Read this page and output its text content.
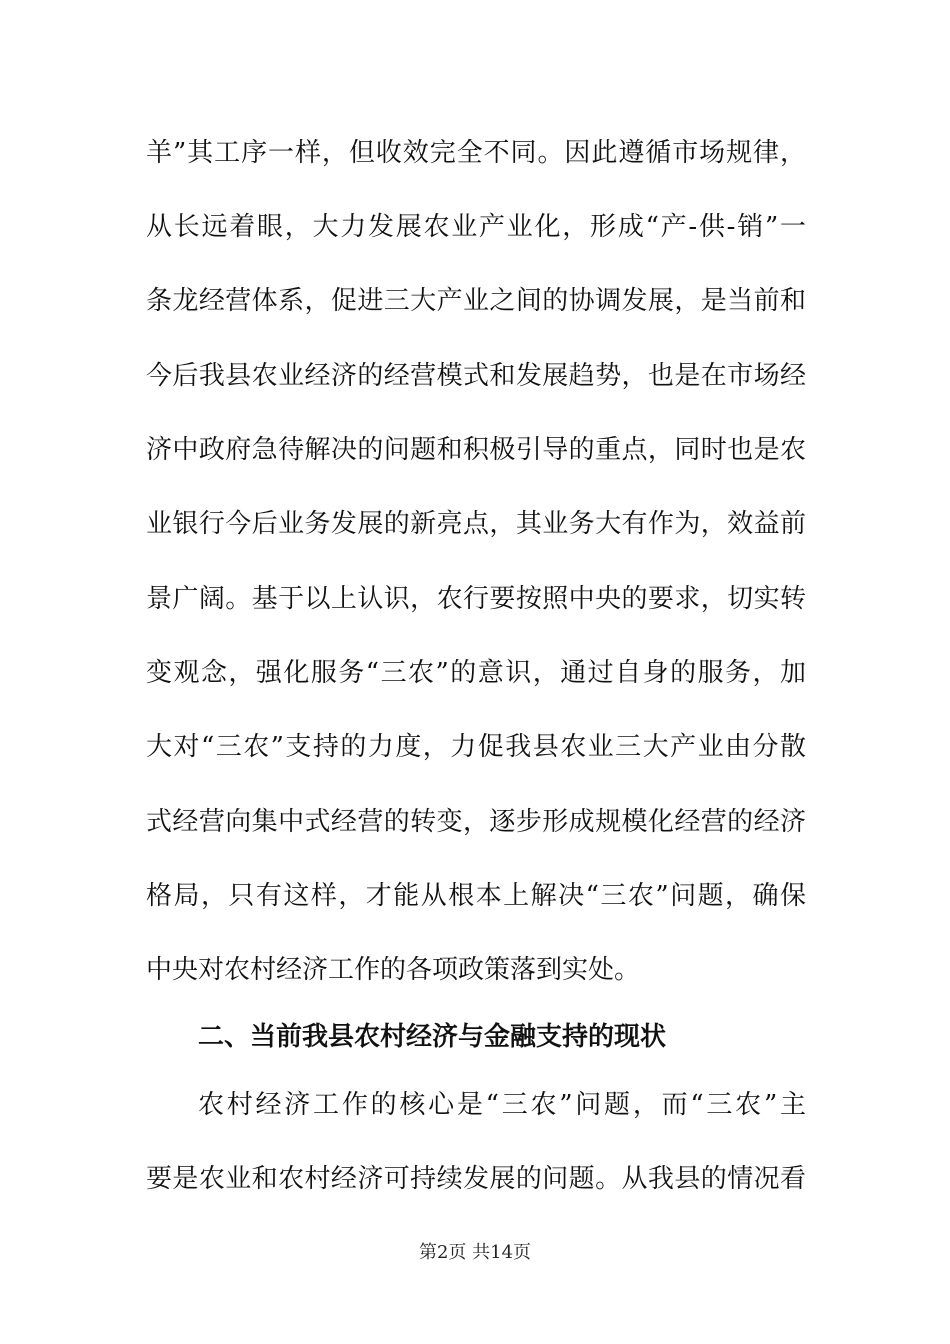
羊”其工序一样，但收效完全不同。因此遵循市场规律，
从长远着眼，大力发展农业产业化，形成“产-供-销”一
条龙经营体系，促进三大产业之间的协调发展，是当前和
今后我县农业经济的经营模式和发展趋势，也是在市场经
济中政府急待解决的问题和积极引导的重点，同时也是农
业银行今后业务发展的新亮点，其业务大有作为，效益前
景广阔。基于以上认识，农行要按照中央的要求，切实转
变观念，强化服务“三农”的意识，通过自身的服务，加
大对“三农”支持的力度，力促我县农业三大产业由分散
式经营向集中式经营的转变，逐步形成规模化经营的经济
格局，只有这样，才能从根本上解决“三农”问题，确保
中央对农村经济工作的各项政策落到实处。
二、当前我县农村经济与金融支持的现状
农村经济工作的核心是“三农”问题，而“三农”主
要是农业和农村经济可持续发展的问题。从我县的情况看
第2页 共14页
